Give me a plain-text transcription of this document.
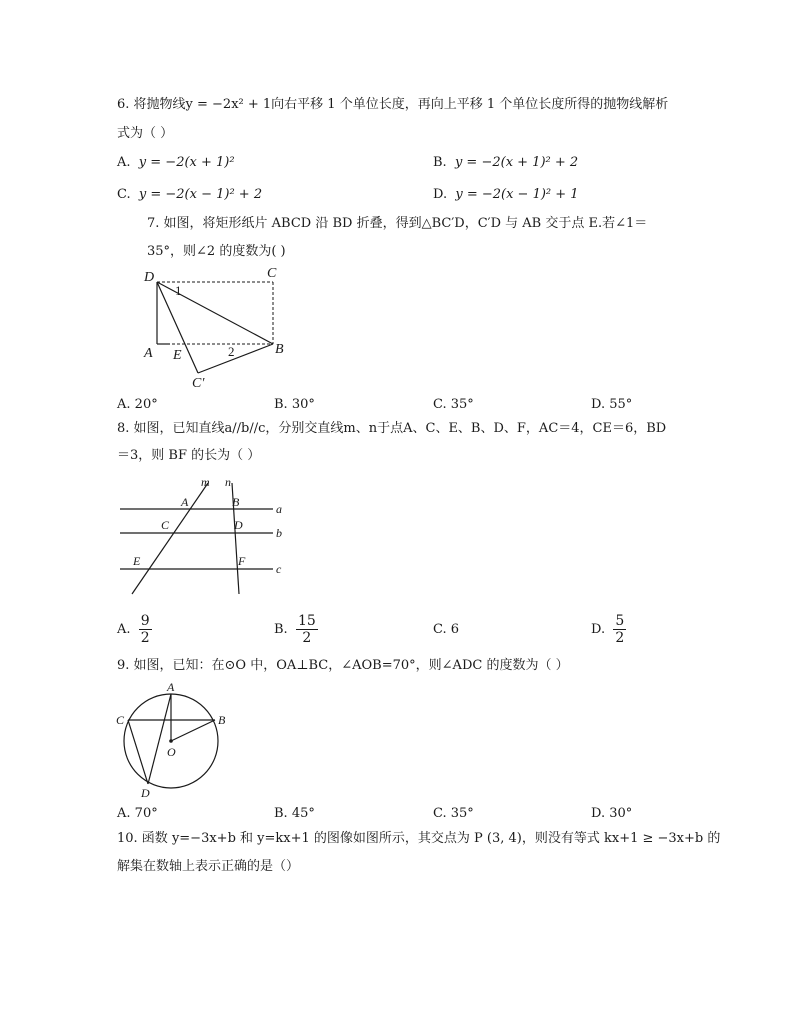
6. 将抛物线y = −2x² + 1向右平移 1 个单位长度，再向上平移 1 个单位长度所得的抛物线解析
式为（ ）
A. y = −2(x + 1)²	B. y = −2(x + 1)² + 2
C. y = −2(x − 1)² + 2	D. y = −2(x − 1)² + 1
7. 如图，将矩形纸片 ABCD 沿 BD 折叠，得到△BC′D，C′D 与 AB 交于点 E.若∠1＝
35°，则∠2 的度数为( )
D	C
A E	B
C′
1
2
A. 20°	B. 30°	C. 35°	D. 55°
8. 如图，已知直线a//b//c，分别交直线m、n于点A、C、E、B、D、F，AC＝4，CE＝6，BD
＝3，则 BF 的长为（ ）
m n
A	B
C	D
E	F
a
b
c
A. $\frac{9}{2}$	B. $\frac{15}{2}$	C. 6	D. $\frac{5}{2}$
9. 如图，已知：在⊙O 中，OA⊥BC，∠AOB=70°，则∠ADC 的度数为（ ）
A
B
C
O
D
A. 70°	B. 45°	C. 35°	D. 30°
10. 函数 y=−3x+b 和 y=kx+1 的图像如图所示，其交点为 P (3, 4)，则没有等式 kx+1 ≥ −3x+b 的
解集在数轴上表示正确的是（）
